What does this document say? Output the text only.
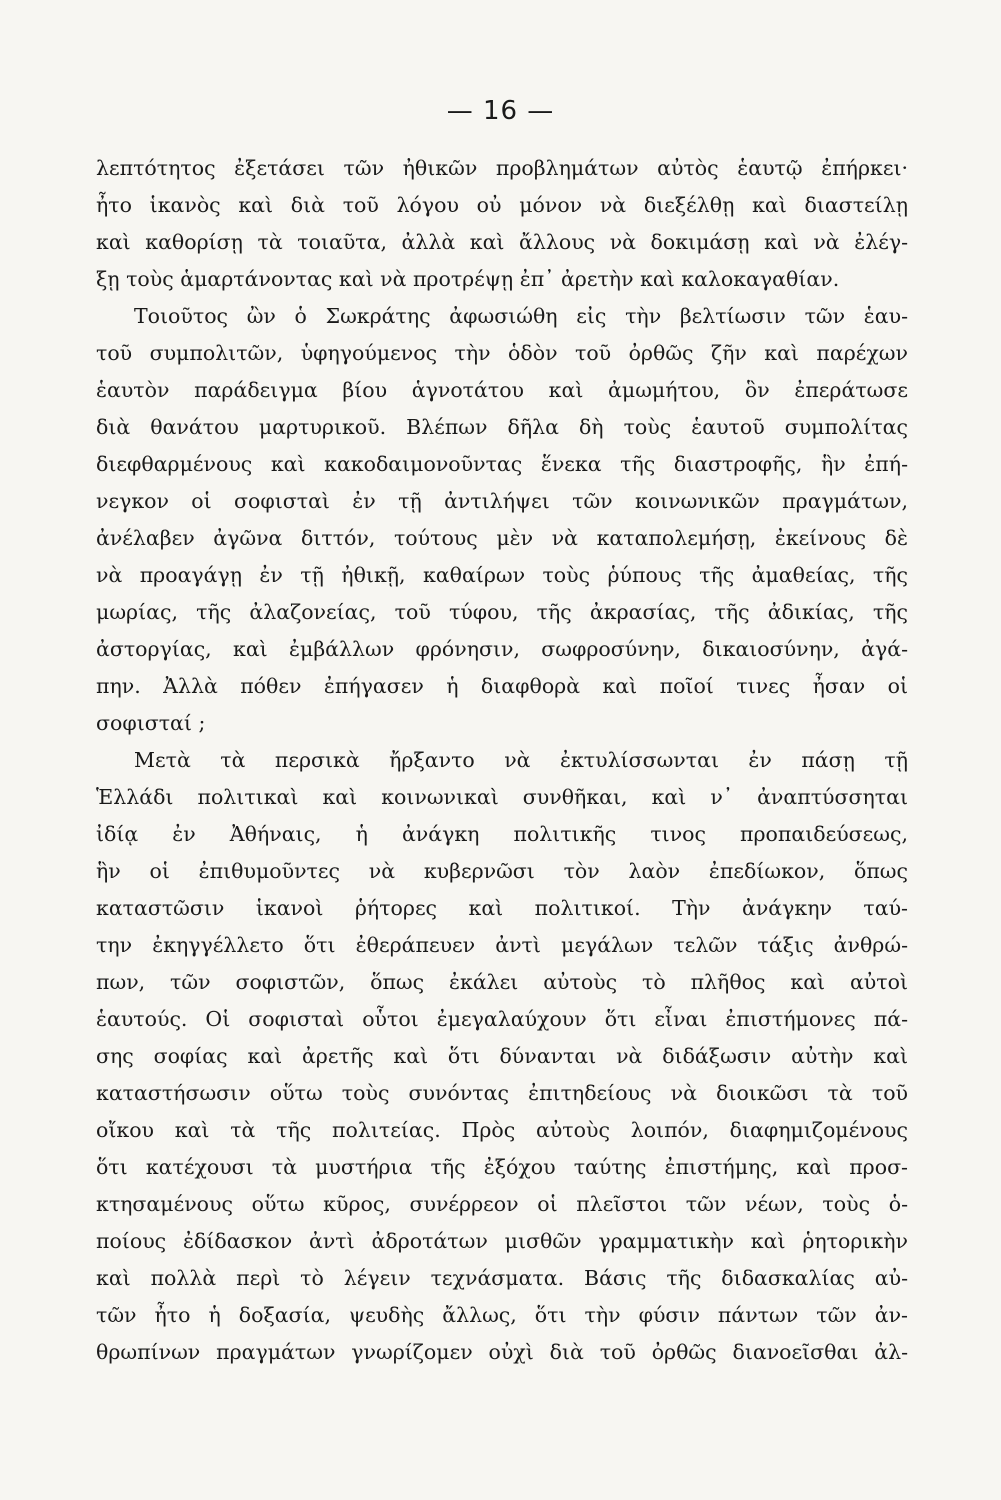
— 16 —
λεπτότητος ἐξετάσει τῶν ἠθικῶν προβλημάτων αὐτὸς ἑαυτῷ ἐπήρκει·
ἦτο ἱκανὸς καὶ διὰ τοῦ λόγου οὐ μόνον νὰ διεξέλθῃ καὶ διαστείλῃ
καὶ καθορίσῃ τὰ τοιαῦτα, ἀλλὰ καὶ ἄλλους νὰ δοκιμάσῃ καὶ νὰ ἐλέγ-
ξῃ τοὺς ἁμαρτάνοντας καὶ νὰ προτρέψῃ ἐπ᾽ ἀρετὴν καὶ καλοκαγαθίαν.
Τοιοῦτος ὢν ὁ Σωκράτης ἀφωσιώθη εἰς τὴν βελτίωσιν τῶν ἑαυ-
τοῦ συμπολιτῶν, ὑφηγούμενος τὴν ὁδὸν τοῦ ὀρθῶς ζῆν καὶ παρέχων
ἑαυτὸν παράδειγμα βίου ἁγνοτάτου καὶ ἀμωμήτου, ὃν ἐπεράτωσε
διὰ θανάτου μαρτυρικοῦ. Βλέπων δῆλα δὴ τοὺς ἑαυτοῦ συμπολίτας
διεφθαρμένους καὶ κακοδαιμονοῦντας ἕνεκα τῆς διαστροφῆς, ἣν ἐπή-
νεγκον οἱ σοφισταὶ ἐν τῇ ἀντιλήψει τῶν κοινωνικῶν πραγμάτων,
ἀνέλαβεν ἀγῶνα διττόν, τούτους μὲν νὰ καταπολεμήσῃ, ἐκείνους δὲ
νὰ προαγάγῃ ἐν τῇ ἠθικῇ, καθαίρων τοὺς ῥύπους τῆς ἀμαθείας, τῆς
μωρίας, τῆς ἀλαζονείας, τοῦ τύφου, τῆς ἀκρασίας, τῆς ἀδικίας, τῆς
ἀστοργίας, καὶ ἐμβάλλων φρόνησιν, σωφροσύνην, δικαιοσύνην, ἀγά-
πην. Ἀλλὰ πόθεν ἐπήγασεν ἡ διαφθορὰ καὶ ποῖοί τινες ἦσαν οἱ
σοφισταί ;
Μετὰ τὰ περσικὰ ἤρξαντο νὰ ἐκτυλίσσωνται ἐν πάσῃ τῇ
Ἑλλάδι πολιτικαὶ καὶ κοινωνικαὶ συνθῆκαι, καὶ ν᾽ ἀναπτύσσηται
ἰδίᾳ ἐν Ἀθήναις, ἡ ἀνάγκη πολιτικῆς τινος προπαιδεύσεως,
ἣν οἱ ἐπιθυμοῦντες νὰ κυβερνῶσι τὸν λαὸν ἐπεδίωκον, ὅπως
καταστῶσιν ἱκανοὶ ῥήτορες καὶ πολιτικοί. Τὴν ἀνάγκην ταύ-
την ἐκηγγέλλετο ὅτι ἐθεράπευεν ἀντὶ μεγάλων τελῶν τάξις ἀνθρώ-
πων, τῶν σοφιστῶν, ὅπως ἐκάλει αὐτοὺς τὸ πλῆθος καὶ αὐτοὶ
ἑαυτούς. Οἱ σοφισταὶ οὗτοι ἐμεγαλαύχουν ὅτι εἶναι ἐπιστήμονες πά-
σης σοφίας καὶ ἀρετῆς καὶ ὅτι δύνανται νὰ διδάξωσιν αὐτὴν καὶ
καταστήσωσιν οὕτω τοὺς συνόντας ἐπιτηδείους νὰ διοικῶσι τὰ τοῦ
οἴκου καὶ τὰ τῆς πολιτείας. Πρὸς αὐτοὺς λοιπόν, διαφημιζομένους
ὅτι κατέχουσι τὰ μυστήρια τῆς ἐξόχου ταύτης ἐπιστήμης, καὶ προσ-
κτησαμένους οὕτω κῦρος, συνέρρεον οἱ πλεῖστοι τῶν νέων, τοὺς ὁ-
ποίους ἐδίδασκον ἀντὶ ἀδροτάτων μισθῶν γραμματικὴν καὶ ῥητορικὴν
καὶ πολλὰ περὶ τὸ λέγειν τεχνάσματα. Βάσις τῆς διδασκαλίας αὐ-
τῶν ἦτο ἡ δοξασία, ψευδὴς ἄλλως, ὅτι τὴν φύσιν πάντων τῶν ἀν-
θρωπίνων πραγμάτων γνωρίζομεν οὐχὶ διὰ τοῦ ὀρθῶς διανοεῖσθαι ἀλ-
